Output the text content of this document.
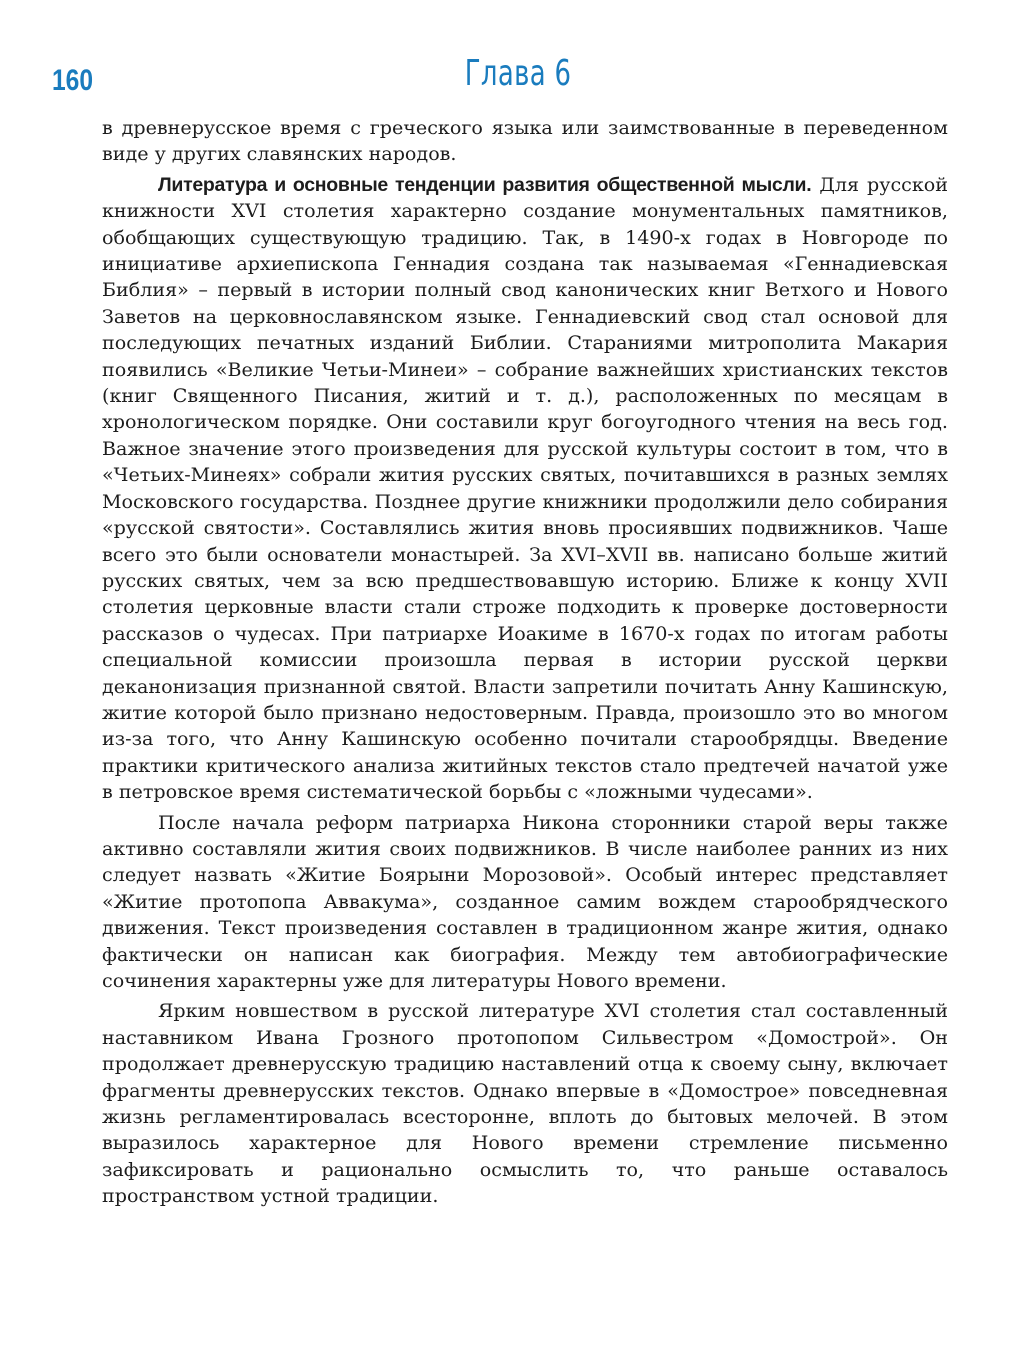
160	Глава 6

в древнерусское время с греческого языка или заимствованные в переведенном виде у других славянских народов.

Литература и основные тенденции развития общественной мысли. Для русской книжности XVI столетия характерно создание монументальных памятников, обобщающих существующую традицию. Так, в 1490-х годах в Новгороде по инициативе архиепископа Геннадия создана так называемая «Геннадиевская Библия» – первый в истории полный свод канонических книг Ветхого и Нового Заветов на церковнославянском языке. Геннадиевский свод стал основой для последующих печатных изданий Библии. Стараниями митрополита Макария появились «Великие Четьи-Минеи» – собрание важнейших христианских текстов (книг Священного Писания, житий и т. д.), расположенных по месяцам в хронологическом порядке. Они составили круг богоугодного чтения на весь год. Важное значение этого произведения для русской культуры состоит в том, что в «Четьих-Минеях» собрали жития русских святых, почитавшихся в разных землях Московского государства. Позднее другие книжники продолжили дело собирания «русской святости». Составлялись жития вновь просиявших подвижников. Чаше всего это были основатели монастырей. За XVI–XVII вв. написано больше житий русских святых, чем за всю предшествовавшую историю. Ближе к концу XVII столетия церковные власти стали строже подходить к проверке достоверности рассказов о чудесах. При патриархе Иоакиме в 1670-х годах по итогам работы специальной комиссии произошла первая в истории русской церкви деканонизация признанной святой. Власти запретили почитать Анну Кашинскую, житие которой было признано недостоверным. Правда, произошло это во многом из-за того, что Анну Кашинскую особенно почитали старообрядцы. Введение практики критического анализа житийных текстов стало предтечей начатой уже в петровское время систематической борьбы с «ложными чудесами».

После начала реформ патриарха Никона сторонники старой веры также активно составляли жития своих подвижников. В числе наиболее ранних из них следует назвать «Житие Боярыни Морозовой». Особый интерес представляет «Житие протопопа Аввакума», созданное самим вождем старообрядческого движения. Текст произведения составлен в традиционном жанре жития, однако фактически он написан как биография. Между тем автобиографические сочинения характерны уже для литературы Нового времени.

Ярким новшеством в русской литературе XVI столетия стал составленный наставником Ивана Грозного протопопом Сильвестром «Домострой». Он продолжает древнерусскую традицию наставлений отца к своему сыну, включает фрагменты древнерусских текстов. Однако впервые в «Домострое» повседневная жизнь регламентировалась всесторонне, вплоть до бытовых мелочей. В этом выразилось характерное для Нового времени стремление письменно зафиксировать и рационально осмыслить то, что раньше оставалось пространством устной традиции.
